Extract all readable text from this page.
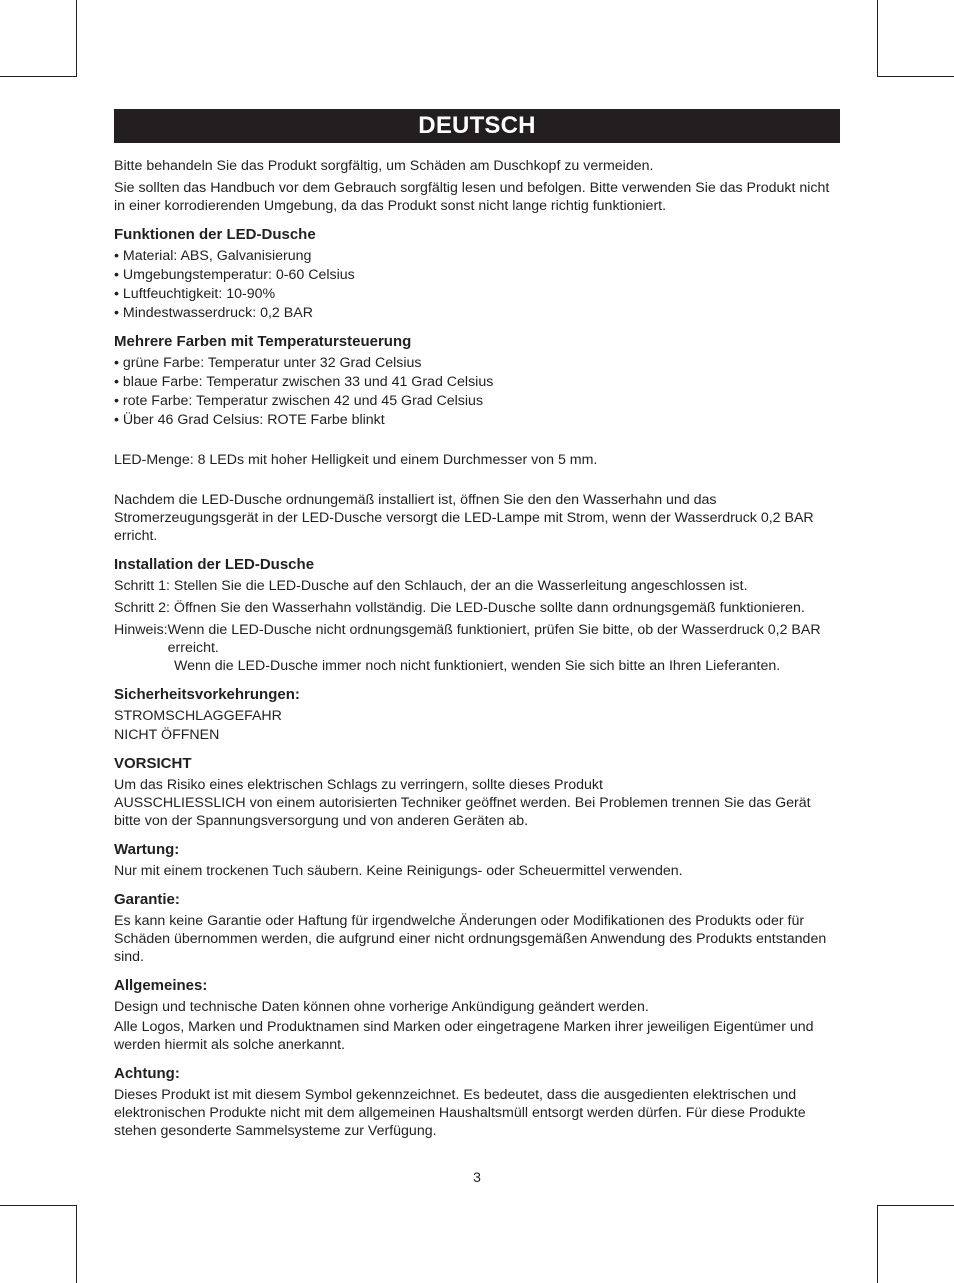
DEUTSCH

Bitte behandeln Sie das Produkt sorgfältig, um Schäden am Duschkopf zu vermeiden.

Sie sollten das Handbuch vor dem Gebrauch sorgfältig lesen und befolgen. Bitte verwenden Sie das Produkt nicht in einer korrodierenden Umgebung, da das Produkt sonst nicht lange richtig funktioniert.

Funktionen der LED-Dusche

• Material: ABS, Galvanisierung

• Umgebungstemperatur: 0-60 Celsius

• Luftfeuchtigkeit: 10-90%

• Mindestwasserdruck: 0,2 BAR

Mehrere Farben mit Temperatursteuerung

• grüne Farbe: Temperatur unter 32 Grad Celsius

• blaue Farbe: Temperatur zwischen 33 und 41 Grad Celsius

• rote Farbe: Temperatur zwischen 42 und 45 Grad Celsius

• Über 46 Grad Celsius: ROTE Farbe blinkt

LED-Menge: 8 LEDs mit hoher Helligkeit und einem Durchmesser von 5 mm.

Nachdem die LED-Dusche ordnungemäß installiert ist, öffnen Sie den den Wasserhahn und das Stromerzeugungsgerät in der LED-Dusche versorgt die LED-Lampe mit Strom, wenn der Wasserdruck 0,2 BAR erricht.

Installation der LED-Dusche

Schritt 1: Stellen Sie die LED-Dusche auf den Schlauch, der an die Wasserleitung angeschlossen ist.

Schritt 2: Öffnen Sie den Wasserhahn vollständig. Die LED-Dusche sollte dann ordnungsgemäß funktionieren.

Hinweis: Wenn die LED-Dusche nicht ordnungsgemäß funktioniert, prüfen Sie bitte, ob der Wasserdruck 0,2 BAR erreicht.

Wenn die LED-Dusche immer noch nicht funktioniert, wenden Sie sich bitte an Ihren Lieferanten.

Sicherheitsvorkehrungen:

STROMSCHLAGGEFAHR

NICHT ÖFFNEN

VORSICHT

Um das Risiko eines elektrischen Schlags zu verringern, sollte dieses Produkt

AUSSCHLIESSLICH von einem autorisierten Techniker geöffnet werden. Bei Problemen trennen Sie das Gerät bitte von der Spannungsversorgung und von anderen Geräten ab.

Wartung:

Nur mit einem trockenen Tuch säubern. Keine Reinigungs- oder Scheuermittel verwenden.

Garantie:

Es kann keine Garantie oder Haftung für irgendwelche Änderungen oder Modifikationen des Produkts oder für Schäden übernommen werden, die aufgrund einer nicht ordnungsgemäßen Anwendung des Produkts entstanden sind.

Allgemeines:

Design und technische Daten können ohne vorherige Ankündigung geändert werden.

Alle Logos, Marken und Produktnamen sind Marken oder eingetragene Marken ihrer jeweiligen Eigentümer und werden hiermit als solche anerkannt.

Achtung:

Dieses Produkt ist mit diesem Symbol gekennzeichnet. Es bedeutet, dass die ausgedienten elektrischen und elektronischen Produkte nicht mit dem allgemeinen Haushaltsmüll entsorgt werden dürfen. Für diese Produkte stehen gesonderte Sammelsysteme zur Verfügung.

3
